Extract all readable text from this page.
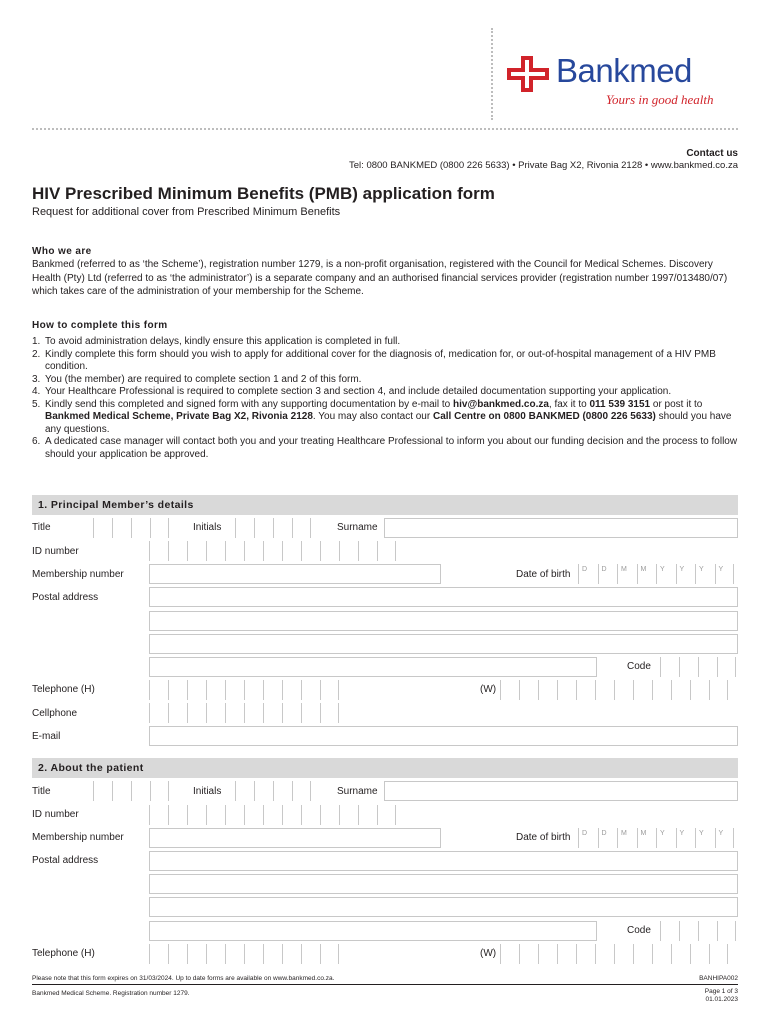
Bankmed
Yours in good health
Contact us
Tel: 0800 BANKMED (0800 226 5633) • Private Bag X2, Rivonia 2128 • www.bankmed.co.za
HIV Prescribed Minimum Benefits (PMB) application form
Request for additional cover from Prescribed Minimum Benefits
Who we are
Bankmed (referred to as ‘the Scheme’), registration number 1279, is a non-profit organisation, registered with the Council for Medical Schemes. Discovery Health (Pty) Ltd (referred to as ‘the administrator’) is a separate company and an authorised financial services provider (registration number 1997/013480/07) which takes care of the administration of your membership for the Scheme.
How to complete this form
1. To avoid administration delays, kindly ensure this application is completed in full.
2. Kindly complete this form should you wish to apply for additional cover for the diagnosis of, medication for, or out-of-hospital management of a HIV PMB condition.
3. You (the member) are required to complete section 1 and 2 of this form.
4. Your Healthcare Professional is required to complete section 3 and section 4, and include detailed documentation supporting your application.
5. Kindly send this completed and signed form with any supporting documentation by e-mail to hiv@bankmed.co.za, fax it to 011 539 3151 or post it to Bankmed Medical Scheme, Private Bag X2, Rivonia 2128. You may also contact our Call Centre on 0800 BANKMED (0800 226 5633) should you have any questions.
6. A dedicated case manager will contact both you and your treating Healthcare Professional to inform you about our funding decision and the process to follow should your application be approved.
1. Principal Member’s details
Title	Initials	Surname
ID number
Membership number	Date of birth	D	D	M	M	Y	Y	Y	Y
Postal address
Code
Telephone (H)	(W)
Cellphone
E-mail
2. About the patient
Title	Initials	Surname
ID number
Membership number	Date of birth	D	D	M	M	Y	Y	Y	Y
Postal address
Code
Telephone (H)	(W)
Please note that this form expires on 31/03/2024. Up to date forms are available on www.bankmed.co.za.	BANHIPA002
Bankmed Medical Scheme. Registration number 1279.	Page 1 of 3
01.01.2023
